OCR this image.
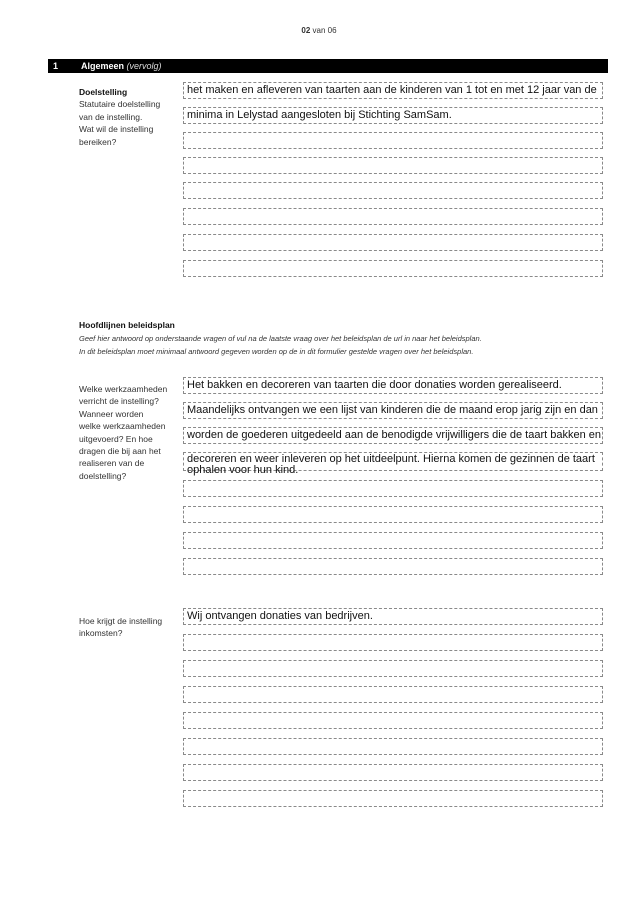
02 van 06
1	Algemeen (vervolg)
Doelstelling
Statutaire doelstelling
van de instelling.
Wat wil de instelling
bereiken?
het maken en afleveren van taarten aan de kinderen van 1 tot en met 12 jaar van de
minima in Lelystad aangesloten bij Stichting SamSam.
Hoofdlijnen beleidsplan
Geef hier antwoord op onderstaande vragen of vul na de laatste vraag over het beleidsplan de url in naar het beleidsplan.
In dit beleidsplan moet minimaal antwoord gegeven worden op de in dit formulier gestelde vragen over het beleidsplan.
Welke werkzaamheden
verricht de instelling?
Wanneer worden
welke werkzaamheden
uitgevoerd? En hoe
dragen die bij aan het
realiseren van de
doelstelling?
Het bakken en decoreren van taarten die door donaties worden gerealiseerd.
Maandelijks ontvangen we een lijst van kinderen die de maand erop jarig zijn en dan
worden de goederen uitgedeeld aan de benodigde vrijwilligers die de taart bakken en
decoreren en weer inleveren op het uitdeelpunt. Hierna komen de gezinnen de taart ophalen voor hun kind.
Hoe krijgt de instelling
inkomsten?
Wij ontvangen donaties van bedrijven.
